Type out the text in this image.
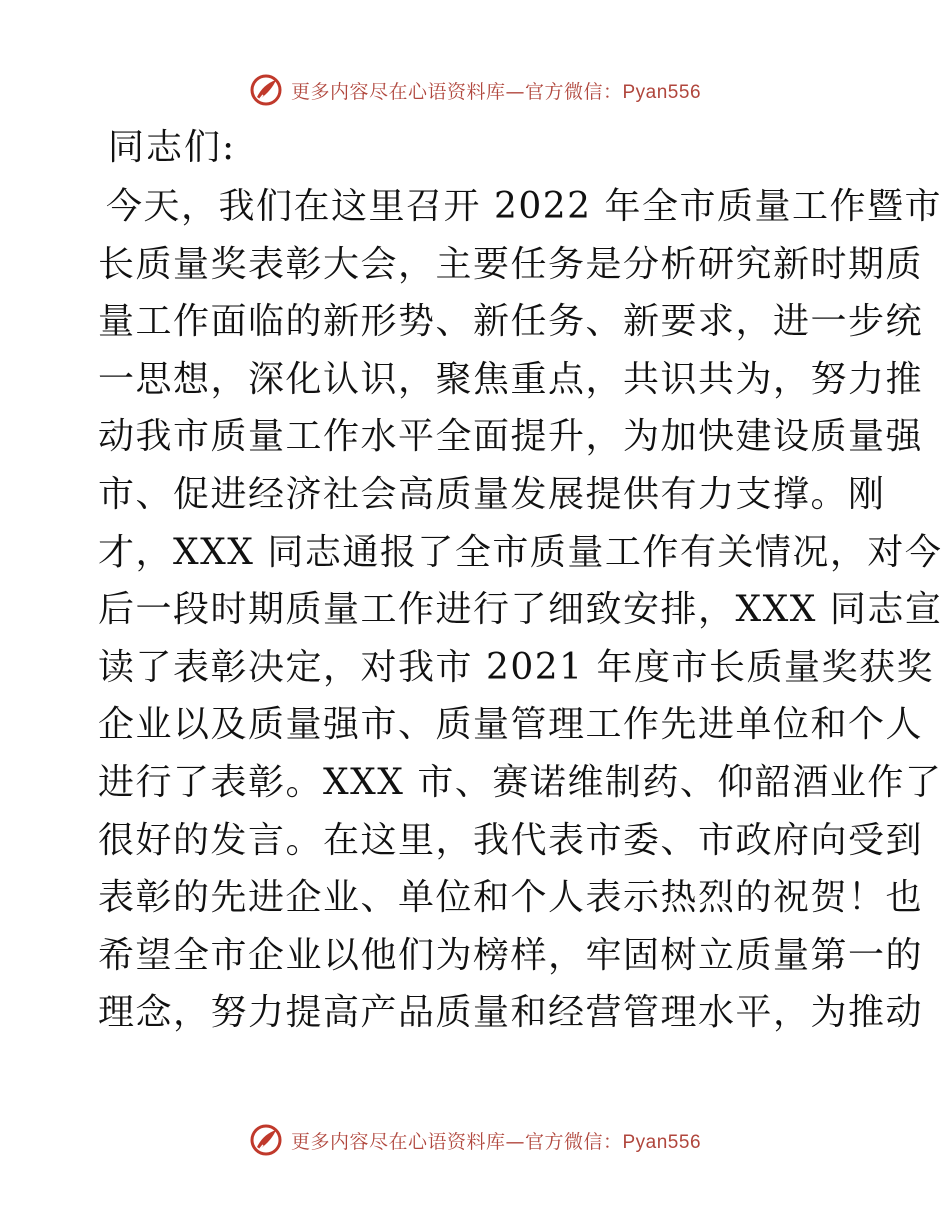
更多内容尽在心语资料库—官方微信：Pyan556
同志们:
今天，我们在这里召开 2022 年全市质量工作暨市
长质量奖表彰大会，主要任务是分析研究新时期质
量工作面临的新形势、新任务、新要求，进一步统
一思想，深化认识，聚焦重点，共识共为，努力推
动我市质量工作水平全面提升，为加快建设质量强
市、促进经济社会高质量发展提供有力支撑。刚
才，XXX 同志通报了全市质量工作有关情况，对今
后一段时期质量工作进行了细致安排，XXX 同志宣
读了表彰决定，对我市 2021 年度市长质量奖获奖
企业以及质量强市、质量管理工作先进单位和个人
进行了表彰。XXX 市、赛诺维制药、仰韶酒业作了
很好的发言。在这里，我代表市委、市政府向受到
表彰的先进企业、单位和个人表示热烈的祝贺！也
希望全市企业以他们为榜样，牢固树立质量第一的
理念，努力提高产品质量和经营管理水平，为推动
更多内容尽在心语资料库—官方微信：Pyan556
